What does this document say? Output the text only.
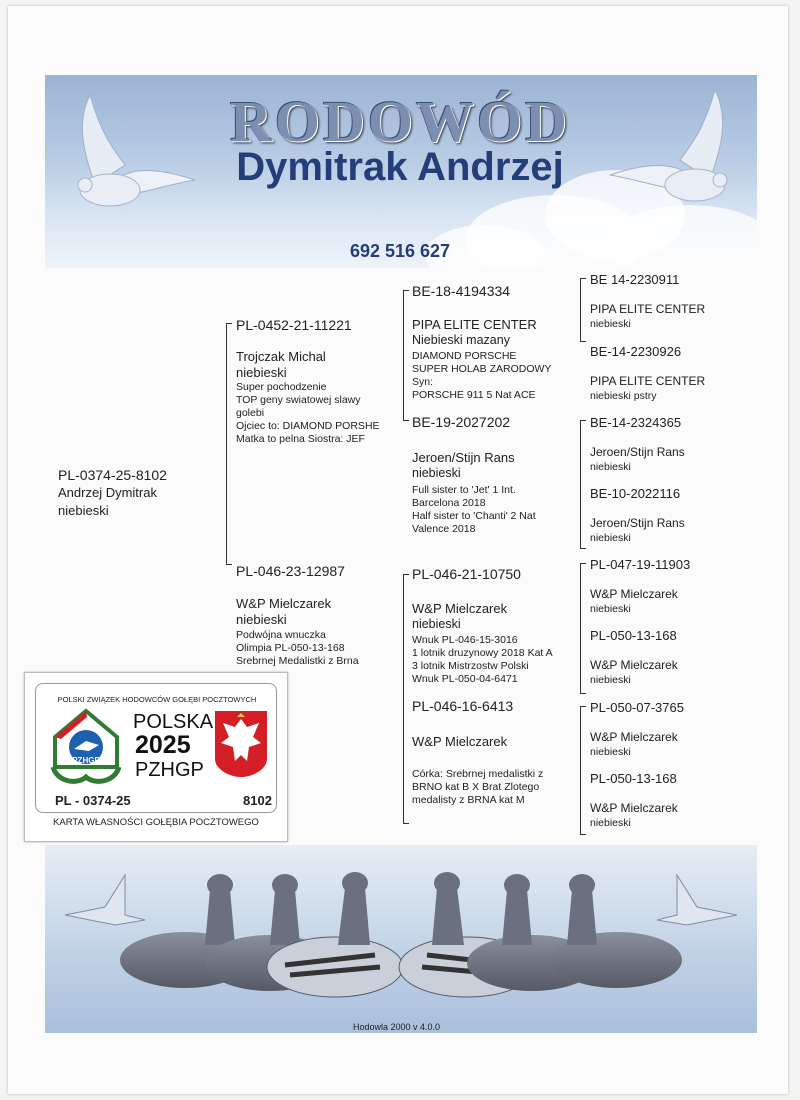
RODOWÓD
Dymitrak Andrzej
692 516 627
PL-0374-25-8102
Andrzej Dymitrak
niebieski
PL-0452-21-11221
Trojczak Michal
niebieski
Super pochodzenie
TOP geny swiatowej slawy
golebi
Ojciec to: DIAMOND PORSHE
Matka to pelna Siostra: JEF
PL-046-23-12987
W&P Mielczarek
niebieski
Podwójna wnuczka
Olimpia PL-050-13-168
Srebrnej Medalistki z Brna
BE-18-4194334
PIPA ELITE CENTER
Niebieski mazany
DIAMOND PORSCHE
SUPER HOLAB ZARODOWY
Syn:
PORSCHE 911 5 Nat ACE
BE-19-2027202
Jeroen/Stijn Rans
niebieski
Full sister to 'Jet' 1 Int.
Barcelona 2018
Half sister to 'Chanti' 2 Nat
Valence 2018
PL-046-21-10750
W&P Mielczarek
niebieski
Wnuk PL-046-15-3016
1 lotnik druzynowy 2018 Kat A
3 lotnik Mistrzostw Polski
Wnuk PL-050-04-6471
PL-046-16-6413
W&P Mielczarek
Córka: Srebrnej medalistki z
BRNO kat B X Brat Zlotego
medalisty z BRNA kat M
BE 14-2230911
PIPA ELITE CENTER
niebieski
BE-14-2230926
PIPA ELITE CENTER
niebieski pstry
BE-14-2324365
Jeroen/Stijn Rans
niebieski
BE-10-2022116
Jeroen/Stijn Rans
niebieski
PL-047-19-11903
W&P Mielczarek
niebieski
PL-050-13-168
W&P Mielczarek
niebieski
PL-050-07-3765
W&P Mielczarek
niebieski
PL-050-13-168
W&P Mielczarek
niebieski
Hodowla 2000 v 4.0.0
POLSKI ZWIĄZEK HODOWCÓW GOŁĘBI POCZTOWYCH
PZHGP
POLSKA
2025
PZHGP
PL - 0374-25	8102
KARTA WŁASNOŚCI GOŁĘBIA POCZTOWEGO
